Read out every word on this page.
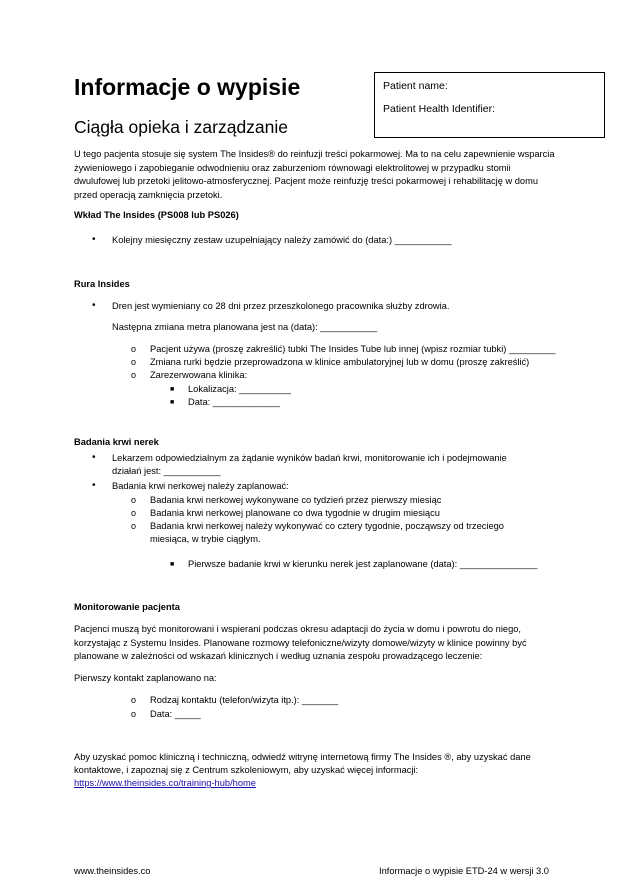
Informacje o wypisie
Ciągła opieka i zarządzanie
Patient name:
Patient Health Identifier:
U tego pacjenta stosuje się system The Insides® do reinfuzji treści pokarmowej. Ma to na celu zapewnienie wsparcia
żywieniowego i zapobieganie odwodnieniu oraz zaburzeniom równowagi elektrolitowej w przypadku stomii
dwulufowej lub przetoki jelitowo-atmosferycznej. Pacjent może reinfuzję treści pokarmowej i rehabilitację w domu
przed operacją zamknięcia przetoki.
Wkład The Insides (PS008 lub PS026)
• Kolejny miesięczny zestaw uzupełniający należy zamówić do (data:) ___________
Rura Insides
• Dren jest wymieniany co 28 dni przez przeszkolonego pracownika służby zdrowia.
Następna zmiana metra planowana jest na (data): ___________
o Pacjent używa (proszę zakreślić) tubki The Insides Tube lub innej (wpisz rozmiar tubki) _________
o Zmiana rurki będzie przeprowadzona w klinice ambulatoryjnej lub w domu (proszę zakreślić)
o Zarezerwowana klinika:
■ Lokalizacja: __________
■ Data: _____________
Badania krwi nerek
• Lekarzem odpowiedzialnym za żądanie wyników badań krwi, monitorowanie ich i podejmowanie
działań jest: ___________
• Badania krwi nerkowej należy zaplanować:
o Badania krwi nerkowej wykonywane co tydzień przez pierwszy miesiąc
o Badania krwi nerkowej planowane co dwa tygodnie w drugim miesiącu
o Badania krwi nerkowej należy wykonywać co cztery tygodnie, począwszy od trzeciego
miesiąca, w trybie ciągłym.
■ Pierwsze badanie krwi w kierunku nerek jest zaplanowane (data): _______________
Monitorowanie pacjenta
Pacjenci muszą być monitorowani i wspierani podczas okresu adaptacji do życia w domu i powrotu do niego,
korzystając z Systemu Insides. Planowane rozmowy telefoniczne/wizyty domowe/wizyty w klinice powinny być
planowane w zależności od wskazań klinicznych i według uznania zespołu prowadzącego leczenie:
Pierwszy kontakt zaplanowano na:
o Rodzaj kontaktu (telefon/wizyta itp.): _______
o Data: _____
Aby uzyskać pomoc kliniczną i techniczną, odwiedź witrynę internetową firmy The Insides ®, aby uzyskać dane
kontaktowe, i zapoznaj się z Centrum szkoleniowym, aby uzyskać więcej informacji:
https://www.theinsides.co/training-hub/home
www.theinsides.co	Informacje o wypisie ETD-24 w wersji 3.0
